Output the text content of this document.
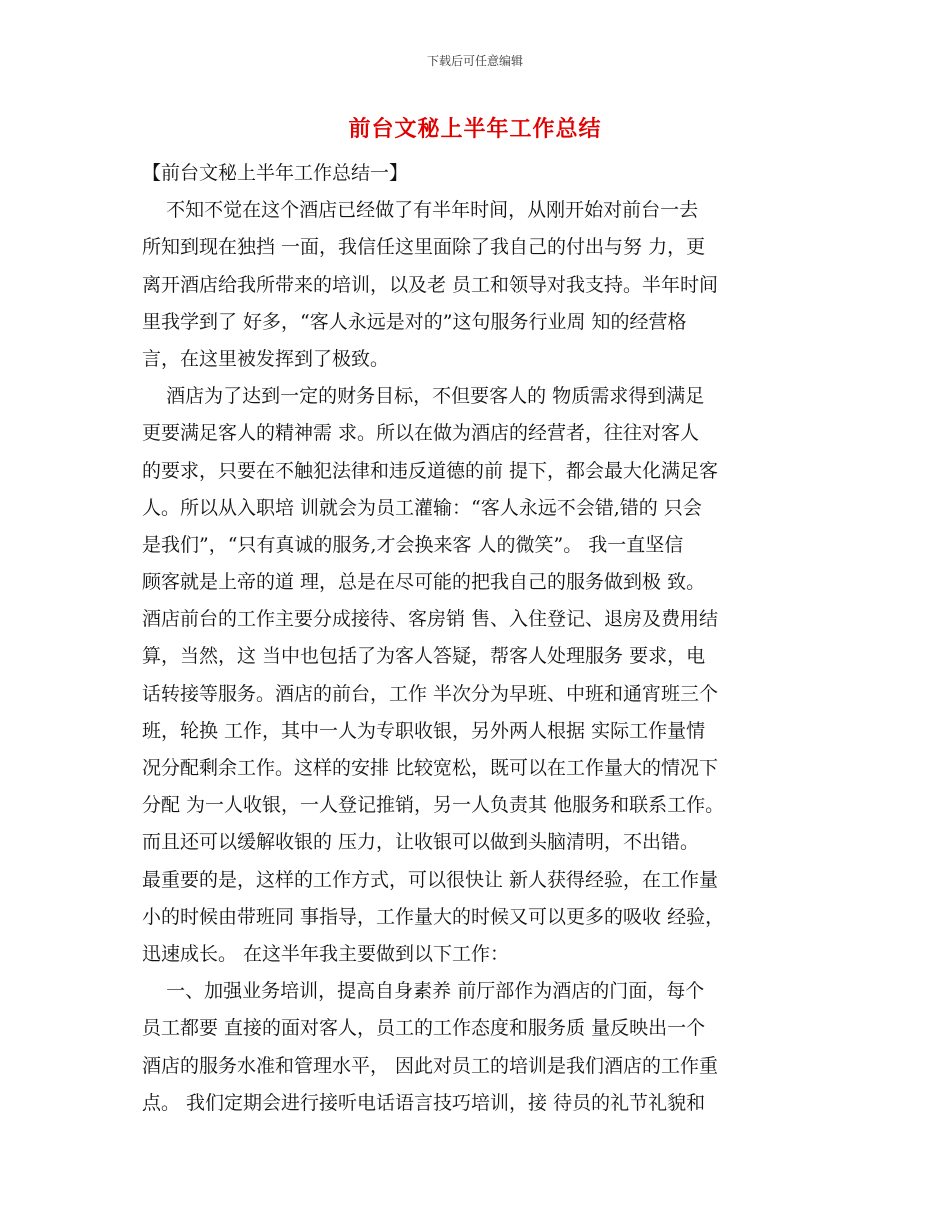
下载后可任意编辑
前台文秘上半年工作总结
【前台文秘上半年工作总结一】
不知不觉在这个酒店已经做了有半年时间，从刚开始对前台一去
所知到现在独挡 一面，我信任这里面除了我自己的付出与努 力，更
离开酒店给我所带来的培训，以及老 员工和领导对我支持。半年时间
里我学到了 好多，“客人永远是对的”这句服务行业周 知的经营格
言，在这里被发挥到了极致。
酒店为了达到一定的财务目标，不但要客人的 物质需求得到满足
更要满足客人的精神需 求。所以在做为酒店的经营者，往往对客人
的要求，只要在不触犯法律和违反道德的前 提下，都会最大化满足客
人。所以从入职培 训就会为员工灌输：“客人永远不会错,错的 只会
是我们”，“只有真诚的服务,才会换来客 人的微笑”。 我一直坚信
顾客就是上帝的道 理，总是在尽可能的把我自己的服务做到极 致。
酒店前台的工作主要分成接待、客房销 售、入住登记、退房及费用结
算，当然，这 当中也包括了为客人答疑，帮客人处理服务 要求，电
话转接等服务。酒店的前台，工作 半次分为早班、中班和通宵班三个
班，轮换 工作，其中一人为专职收银，另外两人根据 实际工作量情
况分配剩余工作。这样的安排 比较宽松，既可以在工作量大的情况下
分配 为一人收银，一人登记推销，另一人负责其 他服务和联系工作。
而且还可以缓解收银的 压力，让收银可以做到头脑清明，不出错。
最重要的是，这样的工作方式，可以很快让 新人获得经验，在工作量
小的时候由带班同 事指导，工作量大的时候又可以更多的吸收 经验，
迅速成长。 在这半年我主要做到以下工作：
一、加强业务培训，提高自身素养 前厅部作为酒店的门面，每个
员工都要 直接的面对客人，员工的工作态度和服务质 量反映出一个
酒店的服务水准和管理水平， 因此对员工的培训是我们酒店的工作重
点。 我们定期会进行接听电话语言技巧培训，接 待员的礼节礼貌和
